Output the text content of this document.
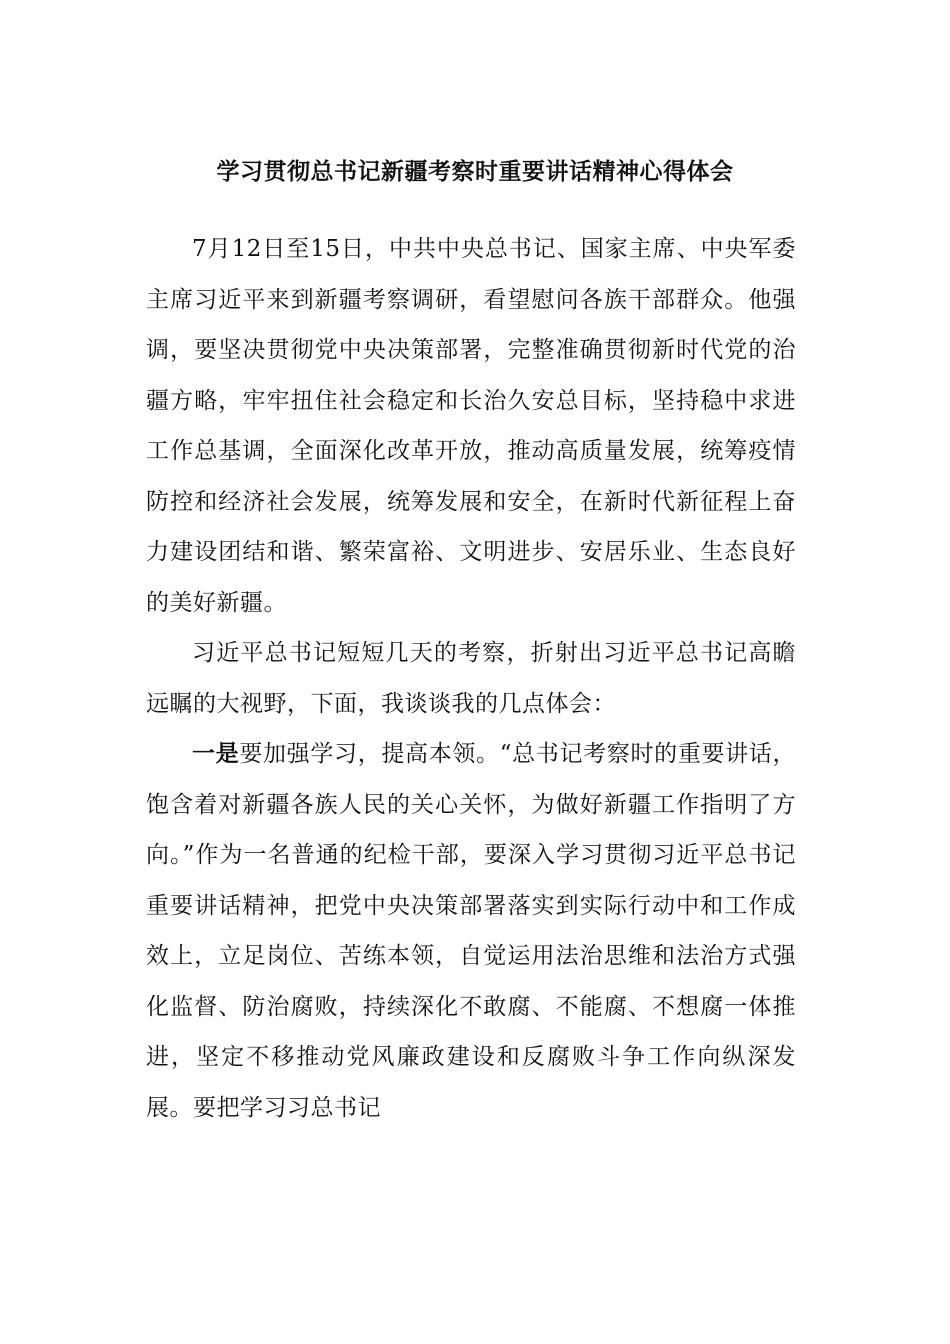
学习贯彻总书记新疆考察时重要讲话精神心得体会

7月12日至15日，中共中央总书记、国家主席、中央军委主席习近平来到新疆考察调研，看望慰问各族干部群众。他强调，要坚决贯彻党中央决策部署，完整准确贯彻新时代党的治疆方略，牢牢扭住社会稳定和长治久安总目标，坚持稳中求进工作总基调，全面深化改革开放，推动高质量发展，统筹疫情防控和经济社会发展，统筹发展和安全，在新时代新征程上奋力建设团结和谐、繁荣富裕、文明进步、安居乐业、生态良好的美好新疆。

习近平总书记短短几天的考察，折射出习近平总书记高瞻远瞩的大视野，下面，我谈谈我的几点体会：

一是要加强学习，提高本领。“总书记考察时的重要讲话，饱含着对新疆各族人民的关心关怀，为做好新疆工作指明了方向。”作为一名普通的纪检干部，要深入学习贯彻习近平总书记重要讲话精神，把党中央决策部署落实到实际行动中和工作成效上，立足岗位、苦练本领，自觉运用法治思维和法治方式强化监督、防治腐败，持续深化不敢腐、不能腐、不想腐一体推进，坚定不移推动党风廉政建设和反腐败斗争工作向纵深发展。要把学习习总书记
